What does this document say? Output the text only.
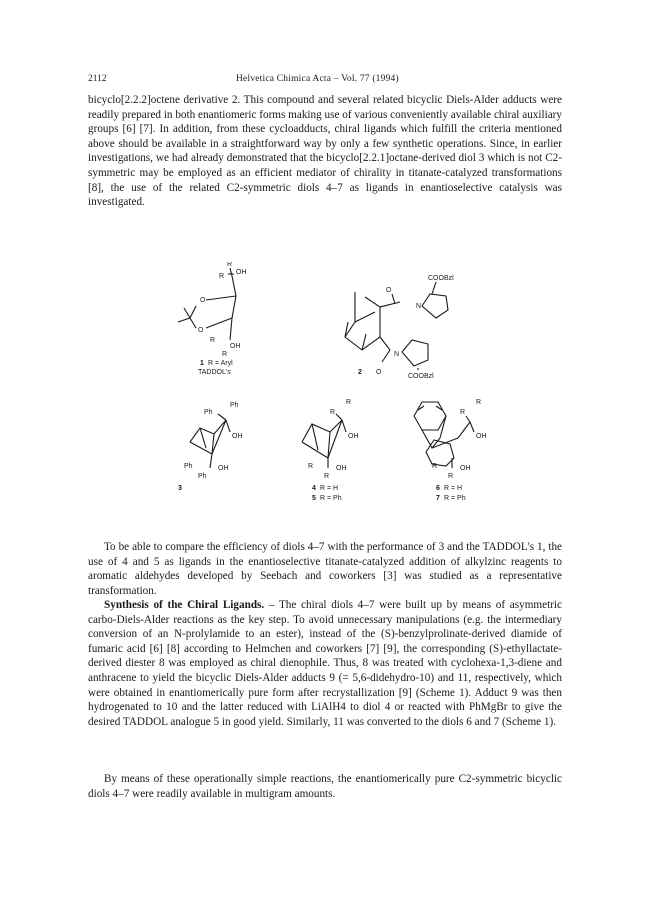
2112	Helvetica Chimica Acta – Vol. 77 (1994)

bicyclo[2.2.2]octene derivative 2. This compound and several related bicyclic Diels-Alder adducts were readily prepared in both enantiomeric forms making use of various conveniently available chiral auxiliary groups [6] [7]. In addition, from these cycloadducts, chiral ligands which fulfill the criteria mentioned above should be available in a straightforward way by only a few synthetic operations. Since, in earlier investigations, we had already demonstrated that the bicyclo[2.2.1]octane-derived diol 3 which is not C2-symmetric may be employed as an efficient mediator of chirality in titanate-catalyzed transformations [8], the use of the related C2-symmetric diols 4–7 as ligands in enantioselective catalysis was investigated.

R
R
OH
O
O
R
OH
R
1 R = Aryl
TADDOL's
O
N
COOBzl
O
N
2
COOBzl
Ph
Ph
OH
Ph	OH
Ph
3
R
R
OH
R	OH
R
4 R = H
5 R = Ph
R
R
OH
R	OH
R
6 R = H
7 R = Ph

To be able to compare the efficiency of diols 4–7 with the performance of 3 and the TADDOL's 1, the use of 4 and 5 as ligands in the enantioselective titanate-catalyzed addition of alkylzinc reagents to aromatic aldehydes developed by Seebach and coworkers [3] was studied as a representative transformation.

Synthesis of the Chiral Ligands. – The chiral diols 4–7 were built up by means of asymmetric carbo-Diels-Alder reactions as the key step. To avoid unnecessary manipulations (e.g. the intermediary conversion of an N-prolylamide to an ester), instead of the (S)-benzylprolinate-derived diamide of fumaric acid [6] [8] according to Helmchen and coworkers [7] [9], the corresponding (S)-ethyllactate-derived diester 8 was employed as chiral dienophile. Thus, 8 was treated with cyclohexa-1,3-diene and anthracene to yield the bicyclic Diels-Alder adducts 9 (= 5,6-didehydro-10) and 11, respectively, which were obtained in enantiomerically pure form after recrystallization [9] (Scheme 1). Adduct 9 was then hydrogenated to 10 and the latter reduced with LiAlH4 to diol 4 or reacted with PhMgBr to give the desired TADDOL analogue 5 in good yield. Similarly, 11 was converted to the diols 6 and 7 (Scheme 1).

By means of these operationally simple reactions, the enantiomerically pure C2-symmetric bicyclic diols 4–7 were readily available in multigram amounts.
